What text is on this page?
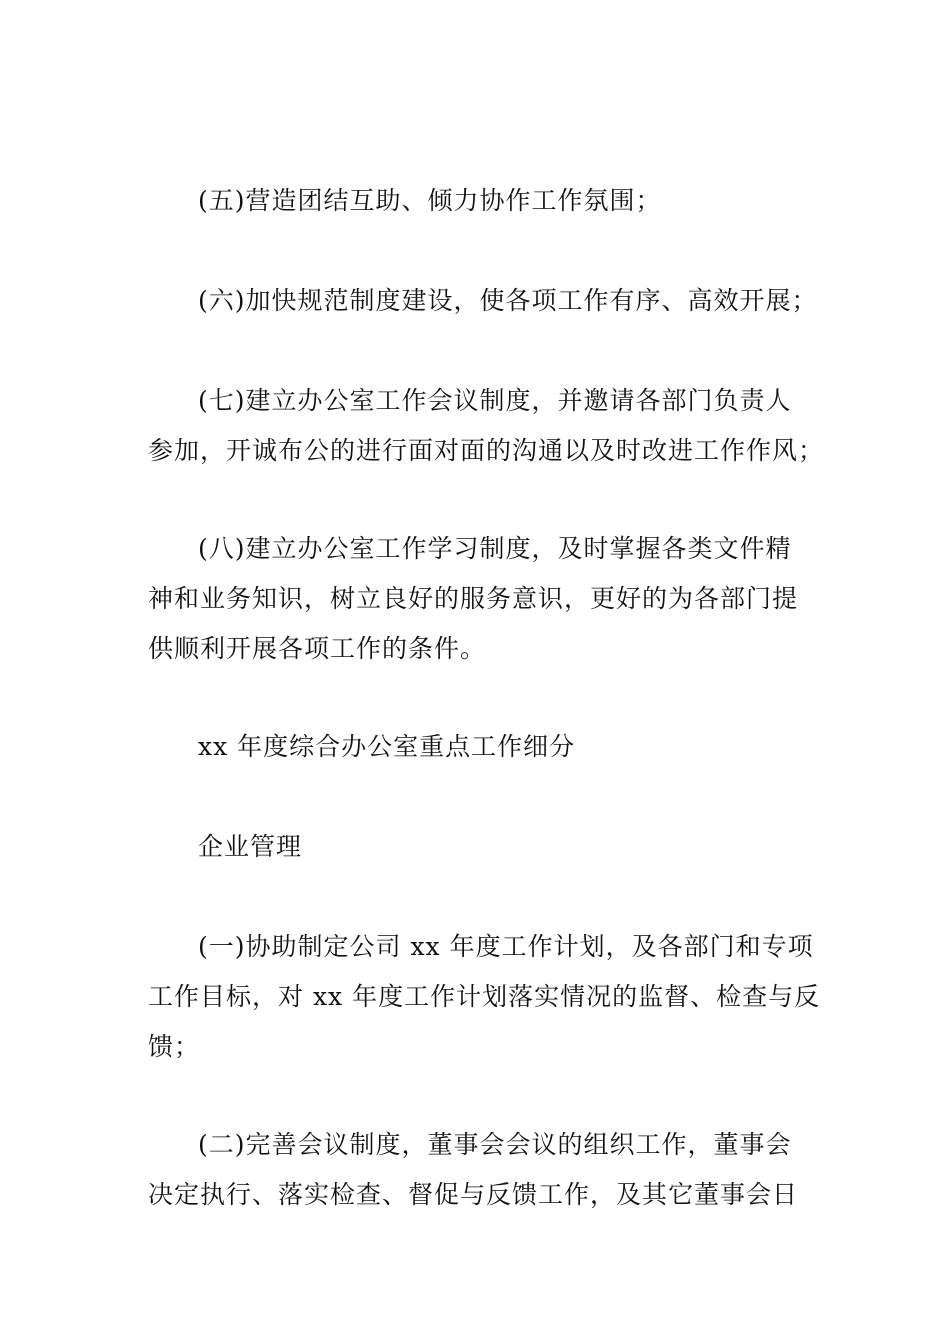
(五)营造团结互助、倾力协作工作氛围；
(六)加快规范制度建设，使各项工作有序、高效开展；
(七)建立办公室工作会议制度，并邀请各部门负责人
参加，开诚布公的进行面对面的沟通以及时改进工作作风；
(八)建立办公室工作学习制度，及时掌握各类文件精
神和业务知识，树立良好的服务意识，更好的为各部门提
供顺利开展各项工作的条件。
xx 年度综合办公室重点工作细分
企业管理
(一)协助制定公司 xx 年度工作计划，及各部门和专项
工作目标，对 xx 年度工作计划落实情况的监督、检查与反
馈；
(二)完善会议制度，董事会会议的组织工作，董事会
决定执行、落实检查、督促与反馈工作，及其它董事会日
